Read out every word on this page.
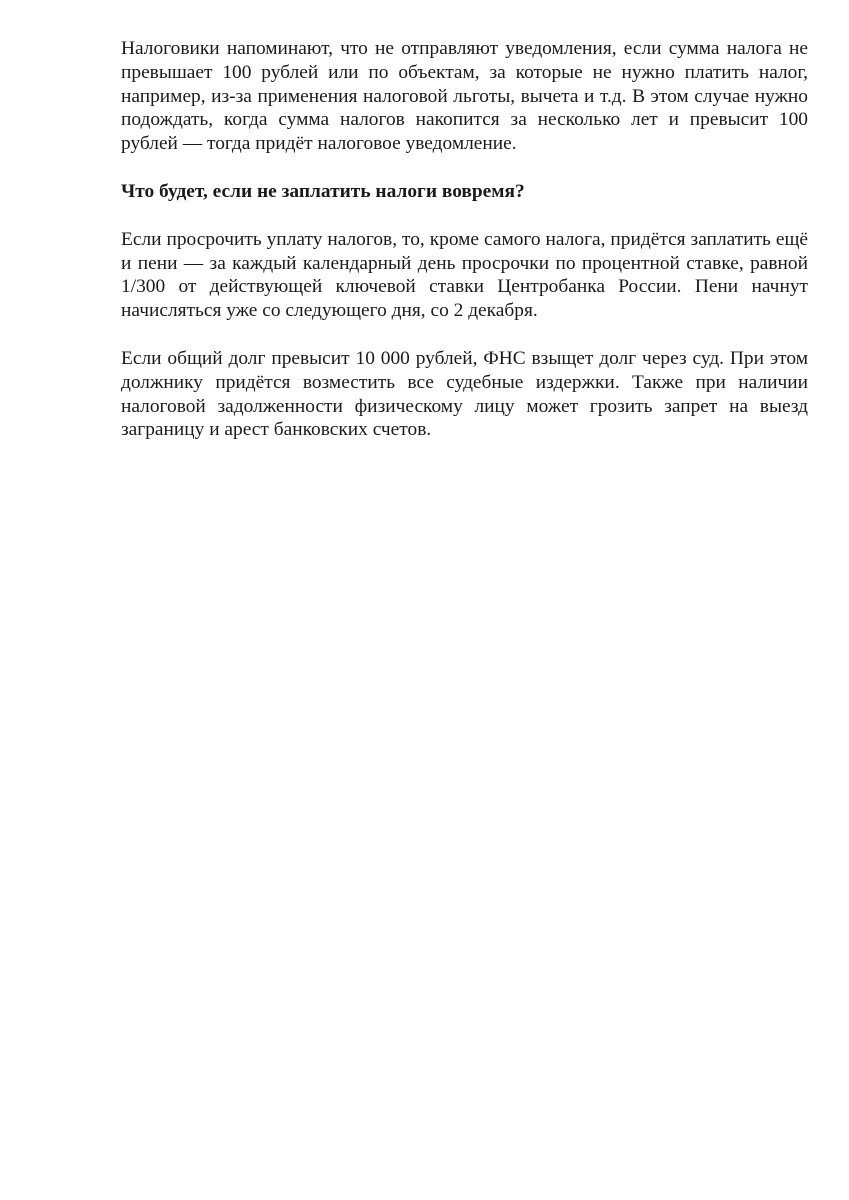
Налоговики напоминают, что не отправляют уведомления, если сумма налога не превышает 100 рублей или по объектам, за которые не нужно платить налог, например, из-за применения налоговой льготы, вычета и т.д. В этом случае нужно подождать, когда сумма налогов накопится за несколько лет и превысит 100 рублей — тогда придёт налоговое уведомление.

Что будет, если не заплатить налоги вовремя?

Если просрочить уплату налогов, то, кроме самого налога, придётся заплатить ещё и пени — за каждый календарный день просрочки по процентной ставке, равной 1/300 от действующей ключевой ставки Центробанка России. Пени начнут начисляться уже со следующего дня, со 2 декабря.

Если общий долг превысит 10 000 рублей, ФНС взыщет долг через суд. При этом должнику придётся возместить все судебные издержки. Также при наличии налоговой задолженности физическому лицу может грозить запрет на выезд заграницу и арест банковских счетов.
